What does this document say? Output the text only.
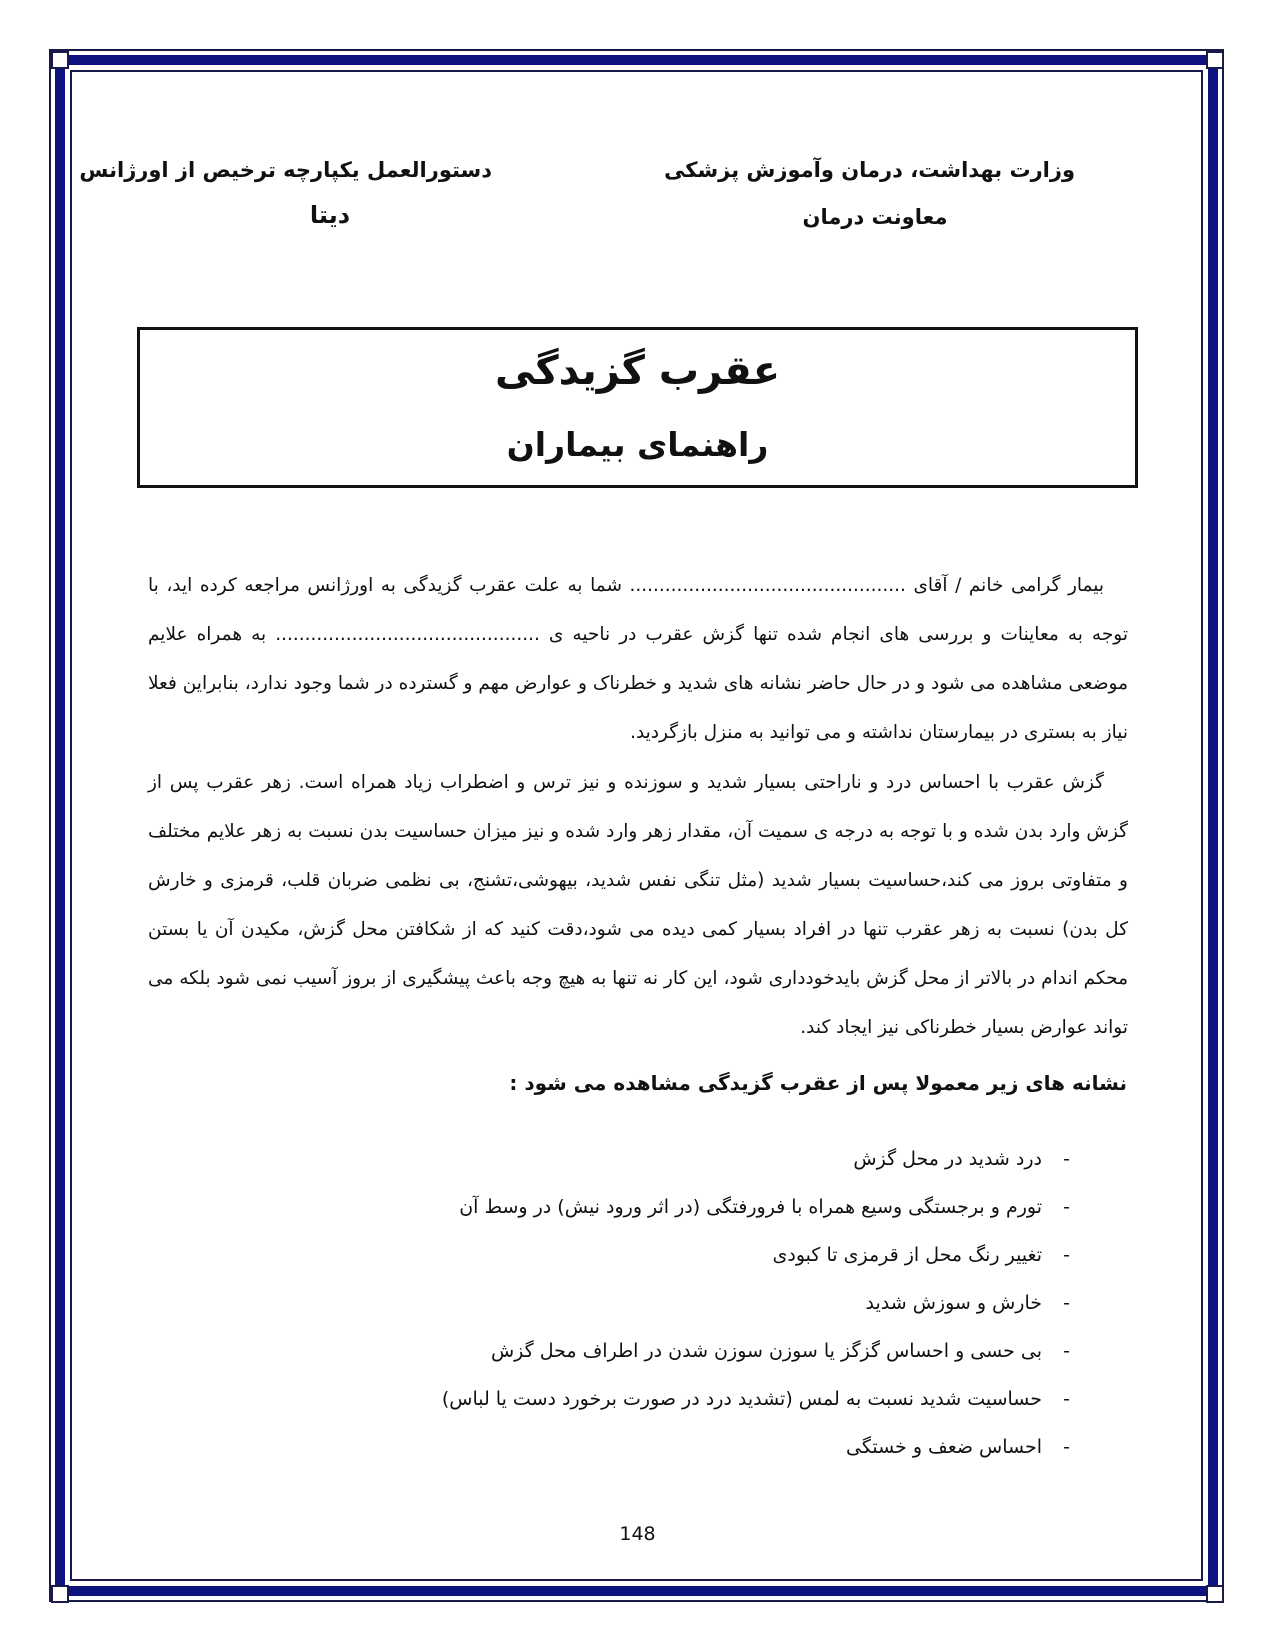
وزارت بهداشت، درمان وآموزش پزشکی
معاونت درمان
دستورالعمل یکپارچه ترخیص از اورژانس
دیتا
عقرب گزیدگی
راهنمای بیماران

بیمار گرامی خانم / آقای ............................................... شما به علت عقرب گزیدگی به اورژانس مراجعه کرده اید، با توجه به معاینات و بررسی های انجام شده تنها گزش عقرب در ناحیه ی ............................................. به همراه علایم موضعی مشاهده می شود و در حال حاضر نشانه های شدید و خطرناک و عوارض مهم و گسترده در شما وجود ندارد، بنابراین فعلا نیاز به بستری در بیمارستان نداشته و می توانید به منزل بازگردید.

گزش عقرب با احساس درد و ناراحتی بسیار شدید و سوزنده و نیز ترس و اضطراب زیاد همراه است. زهر عقرب پس از گزش وارد بدن شده و با توجه به درجه ی سمیت آن، مقدار زهر وارد شده و نیز میزان حساسیت بدن نسبت به زهر علایم مختلف و متفاوتی بروز می کند،حساسیت بسیار شدید (مثل تنگی نفس شدید، بیهوشی،تشنج، بی نظمی ضربان قلب، قرمزی و خارش کل بدن) نسبت به زهر عقرب تنها در افراد بسیار کمی دیده می شود،دقت کنید که از شکافتن محل گزش، مکیدن آن یا بستن محکم اندام در بالاتر از محل گزش بایدخودداری شود، این کار نه تنها به هیچ وجه باعث پیشگیری از بروز آسیب نمی شود بلکه می تواند عوارض بسیار خطرناکی نیز ایجاد کند.

نشانه های زیر معمولا پس از عقرب گزیدگی مشاهده می شود :
-درد شدید در محل گزش
-تورم و برجستگی وسیع همراه با فرورفتگی (در اثر ورود نیش) در وسط آن
-تغییر رنگ محل از قرمزی تا کبودی
-خارش و سوزش شدید
-بی حسی و احساس گزگز یا سوزن سوزن شدن در اطراف محل گزش
-حساسیت شدید نسبت به لمس (تشدید درد در صورت برخورد دست یا لباس)
-احساس ضعف و خستگی
148
